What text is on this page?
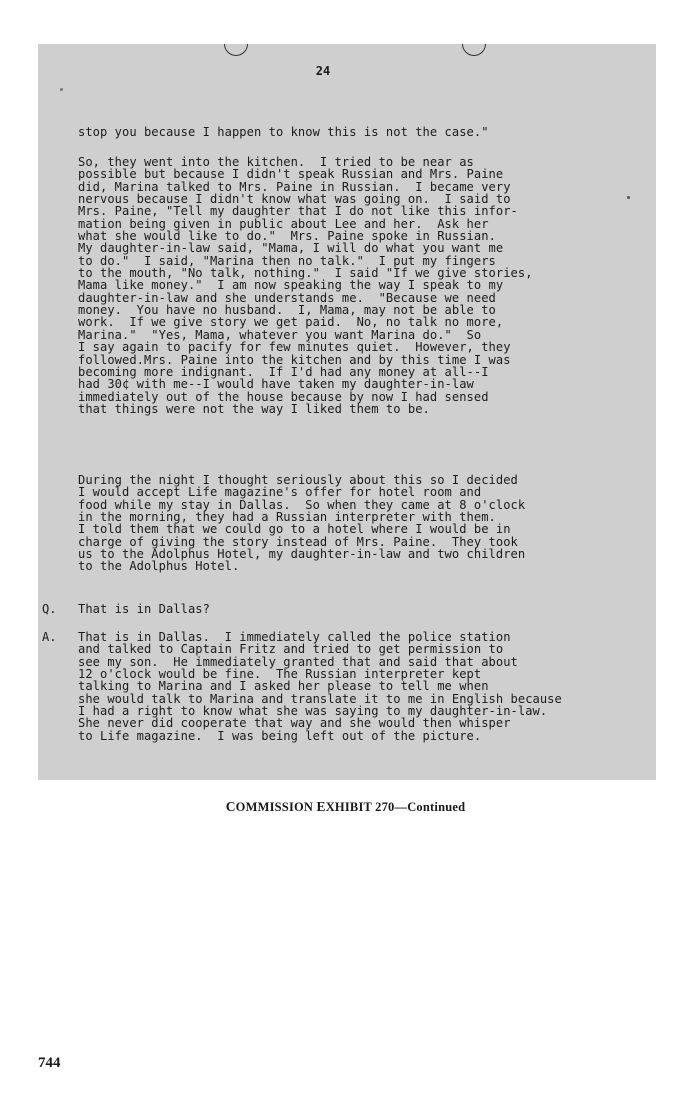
24
stop you because I happen to know this is not the case."
So, they went into the kitchen.  I tried to be near as
possible but because I didn't speak Russian and Mrs. Paine
did, Marina talked to Mrs. Paine in Russian.  I became very
nervous because I didn't know what was going on.  I said to
Mrs. Paine, "Tell my daughter that I do not like this infor-
mation being given in public about Lee and her.  Ask her
what she would like to do."  Mrs. Paine spoke in Russian.
My daughter-in-law said, "Mama, I will do what you want me
to do."  I said, "Marina then no talk."  I put my fingers
to the mouth, "No talk, nothing."  I said "If we give stories,
Mama like money."  I am now speaking the way I speak to my
daughter-in-law and she understands me.  "Because we need
money.  You have no husband.  I, Mama, may not be able to
work.  If we give story we get paid.  No, no talk no more,
Marina."  "Yes, Mama, whatever you want Marina do."  So
I say again to pacify for few minutes quiet.  However, they
followed.Mrs. Paine into the kitchen and by this time I was
becoming more indignant.  If I'd had any money at all--I
had 30¢ with me--I would have taken my daughter-in-law
immediately out of the house because by now I had sensed
that things were not the way I liked them to be.
During the night I thought seriously about this so I decided
I would accept Life magazine's offer for hotel room and
food while my stay in Dallas.  So when they came at 8 o'clock
in the morning, they had a Russian interpreter with them.
I told them that we could go to a hotel where I would be in
charge of giving the story instead of Mrs. Paine.  They took
us to the Adolphus Hotel, my daughter-in-law and two children
to the Adolphus Hotel.
Q. That is in Dallas?
A. That is in Dallas.  I immediately called the police station
and talked to Captain Fritz and tried to get permission to
see my son.  He immediately granted that and said that about
12 o'clock would be fine.  The Russian interpreter kept
talking to Marina and I asked her please to tell me when
she would talk to Marina and translate it to me in English because
I had a right to know what she was saying to my daughter-in-law.
She never did cooperate that way and she would then whisper
to Life magazine.  I was being left out of the picture.
COMMISSION EXHIBIT 270—Continued
744
